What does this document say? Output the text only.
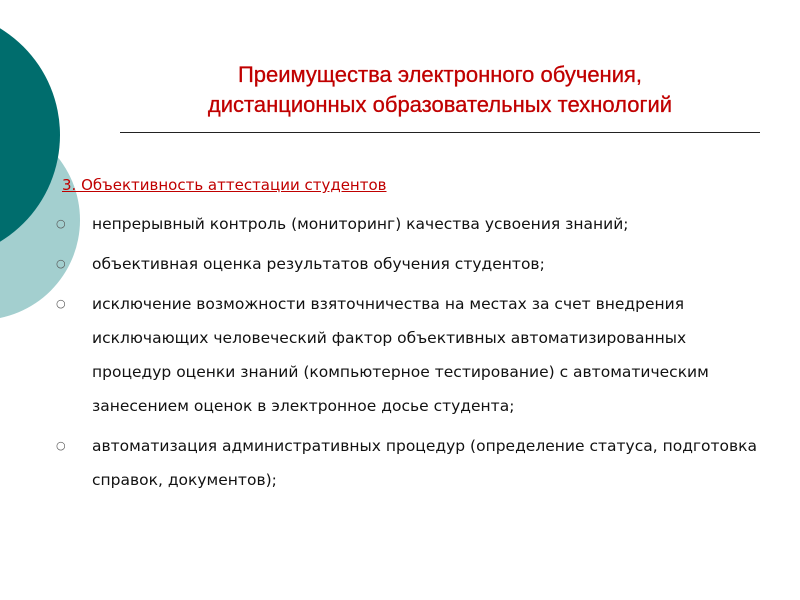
Преимущества электронного обучения,
дистанционных образовательных технологий

3. Объективность аттестации студентов

○	непрерывный контроль (мониторинг) качества усвоения знаний;
○	объективная оценка результатов обучения студентов;
○	исключение возможности взяточничества на местах за счет внедрения исключающих человеческий фактор объективных автоматизированных процедур оценки знаний (компьютерное тестирование) с автоматическим занесением оценок в электронное досье студента;
○	автоматизация административных процедур (определение статуса, подготовка справок, документов);
